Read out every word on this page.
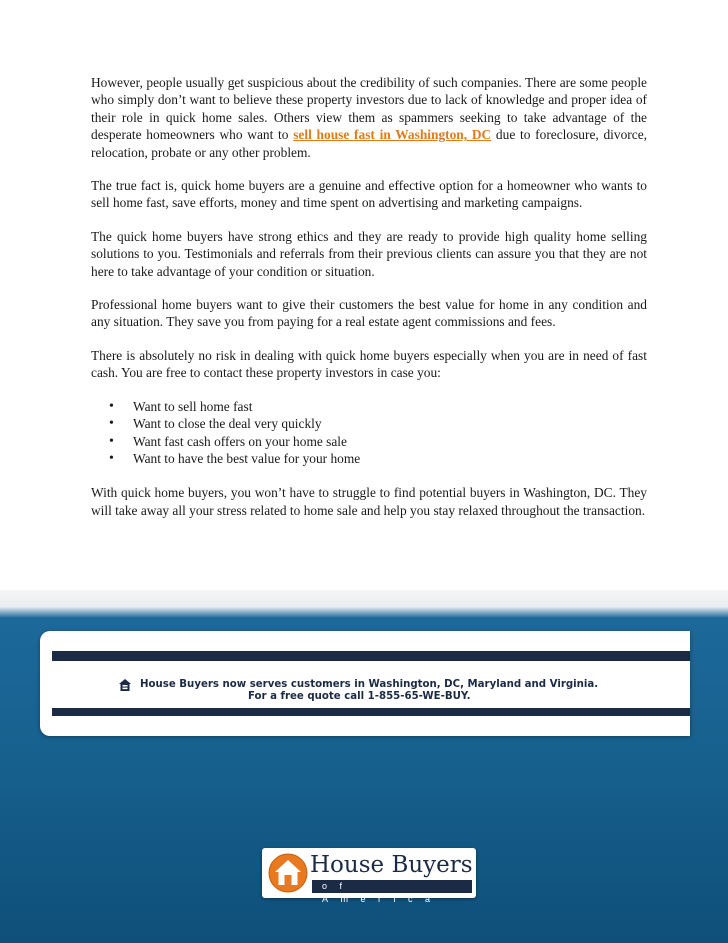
However, people usually get suspicious about the credibility of such companies. There are some people who simply don’t want to believe these property investors due to lack of knowledge and proper idea of their role in quick home sales. Others view them as spammers seeking to take advantage of the desperate homeowners who want to sell house fast in Washington, DC due to foreclosure, divorce, relocation, probate or any other problem.

The true fact is, quick home buyers are a genuine and effective option for a homeowner who wants to sell home fast, save efforts, money and time spent on advertising and marketing campaigns.

The quick home buyers have strong ethics and they are ready to provide high quality home selling solutions to you. Testimonials and referrals from their previous clients can assure you that they are not here to take advantage of your condition or situation.

Professional home buyers want to give their customers the best value for home in any condition and any situation. They save you from paying for a real estate agent commissions and fees.

There is absolutely no risk in dealing with quick home buyers especially when you are in need of fast cash. You are free to contact these property investors in case you:

• Want to sell home fast
• Want to close the deal very quickly
• Want fast cash offers on your home sale
• Want to have the best value for your home

With quick home buyers, you won’t have to struggle to find potential buyers in Washington, DC. They will take away all your stress related to home sale and help you stay relaxed throughout the transaction.

House Buyers now serves customers in Washington, DC, Maryland and Virginia.
For a free quote call 1-855-65-WE-BUY.
House Buyers
of America
